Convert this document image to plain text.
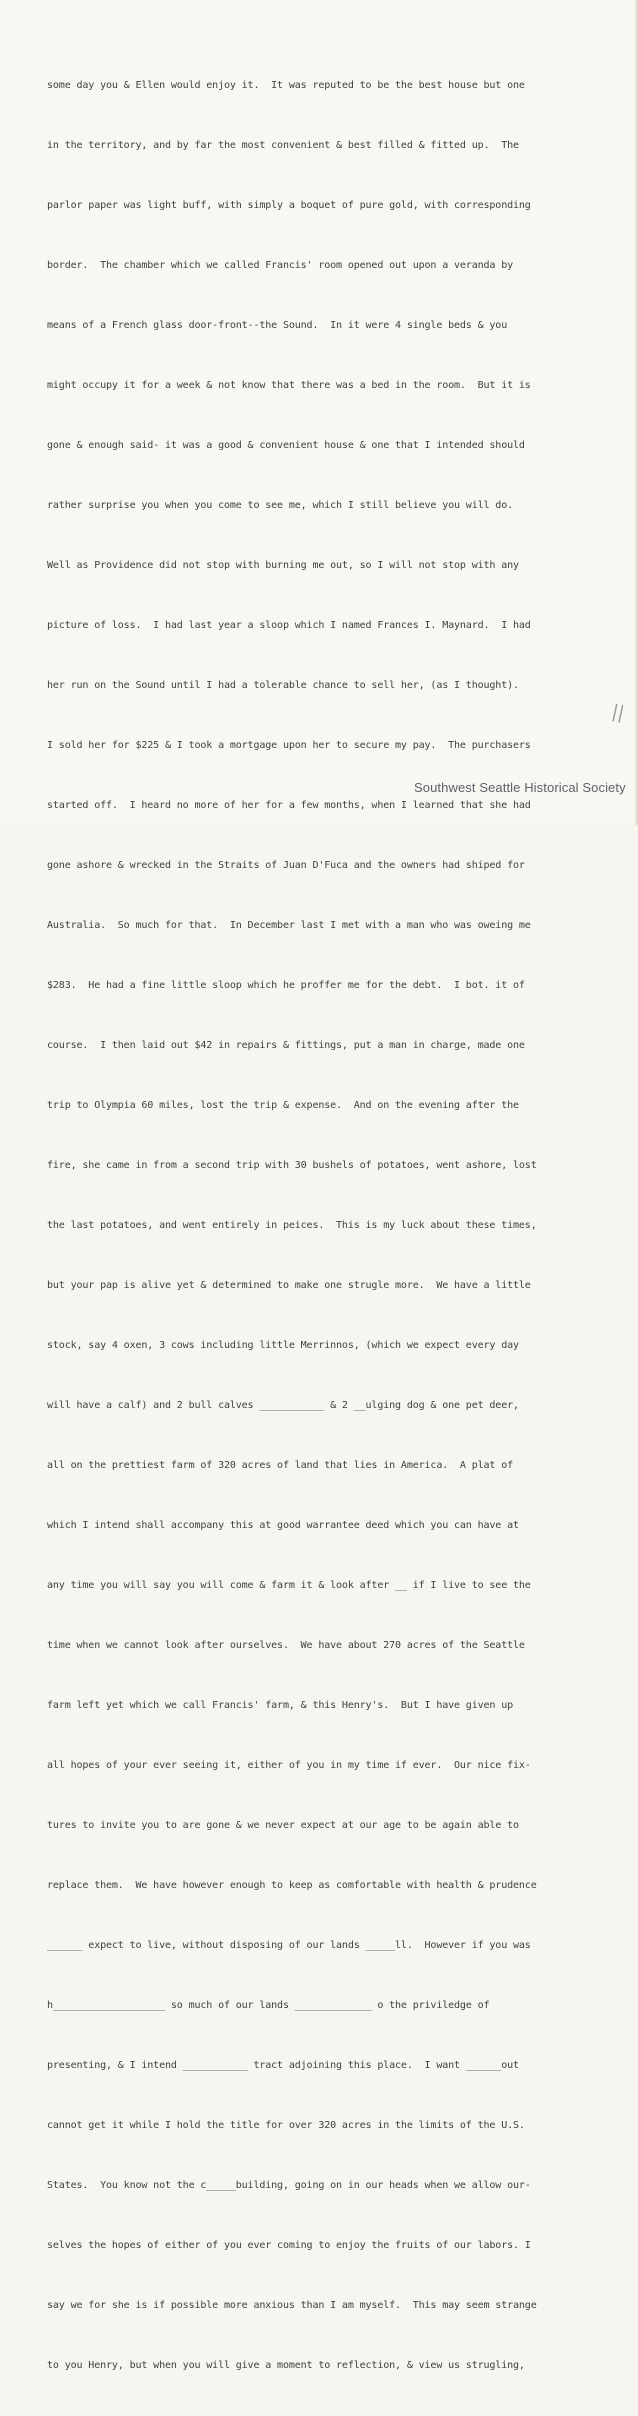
some day you & Ellen would enjoy it.  It was reputed to be the best house but one

in the territory, and by far the most convenient & best filled & fitted up.  The

parlor paper was light buff, with simply a boquet of pure gold, with corresponding

border.  The chamber which we called Francis' room opened out upon a veranda by

means of a French glass door-front--the Sound.  In it were 4 single beds & you

might occupy it for a week & not know that there was a bed in the room.  But it is

gone & enough said- it was a good & convenient house & one that I intended should

rather surprise you when you come to see me, which I still believe you will do.

Well as Providence did not stop with burning me out, so I will not stop with any

picture of loss.  I had last year a sloop which I named Frances I. Maynard.  I had

her run on the Sound until I had a tolerable chance to sell her, (as I thought).

I sold her for $225 & I took a mortgage upon her to secure my pay.  The purchasers

started off.  I heard no more of her for a few months, when I learned that she had

gone ashore & wrecked in the Straits of Juan D'Fuca and the owners had shiped for

Australia.  So much for that.  In December last I met with a man who was oweing me

$283.  He had a fine little sloop which he proffer me for the debt.  I bot. it of

course.  I then laid out $42 in repairs & fittings, put a man in charge, made one

trip to Olympia 60 miles, lost the trip & expense.  And on the evening after the

fire, she came in from a second trip with 30 bushels of potatoes, went ashore, lost

the last potatoes, and went entirely in peices.  This is my luck about these times,

but your pap is alive yet & determined to make one strugle more.  We have a little

stock, say 4 oxen, 3 cows including little Merrinnos, (which we expect every day

will have a calf) and 2 bull calves ___________ & 2 __ulging dog & one pet deer,

all on the prettiest farm of 320 acres of land that lies in America.  A plat of

which I intend shall accompany this at good warrantee deed which you can have at

any time you will say you will come & farm it & look after __ if I live to see the

time when we cannot look after ourselves.  We have about 270 acres of the Seattle

farm left yet which we call Francis' farm, & this Henry's.  But I have given up

all hopes of your ever seeing it, either of you in my time if ever.  Our nice fix-

tures to invite you to are gone & we never expect at our age to be again able to

replace them.  We have however enough to keep as comfortable with health & prudence

______ expect to live, without disposing of our lands _____ll.  However if you was

h___________________ so much of our lands _____________ o the priviledge of

presenting, & I intend ___________ tract adjoining this place.  I want ______out

cannot get it while I hold the title for over 320 acres in the limits of the U.S.

States.  You know not the c_____building, going on in our heads when we allow our-

selves the hopes of either of you ever coming to enjoy the fruits of our labors. I

say we for she is if possible more anxious than I am myself.  This may seem strange

to you Henry, but when you will give a moment to reflection, & view us strugling,

||
Southwest Seattle Historical Society
